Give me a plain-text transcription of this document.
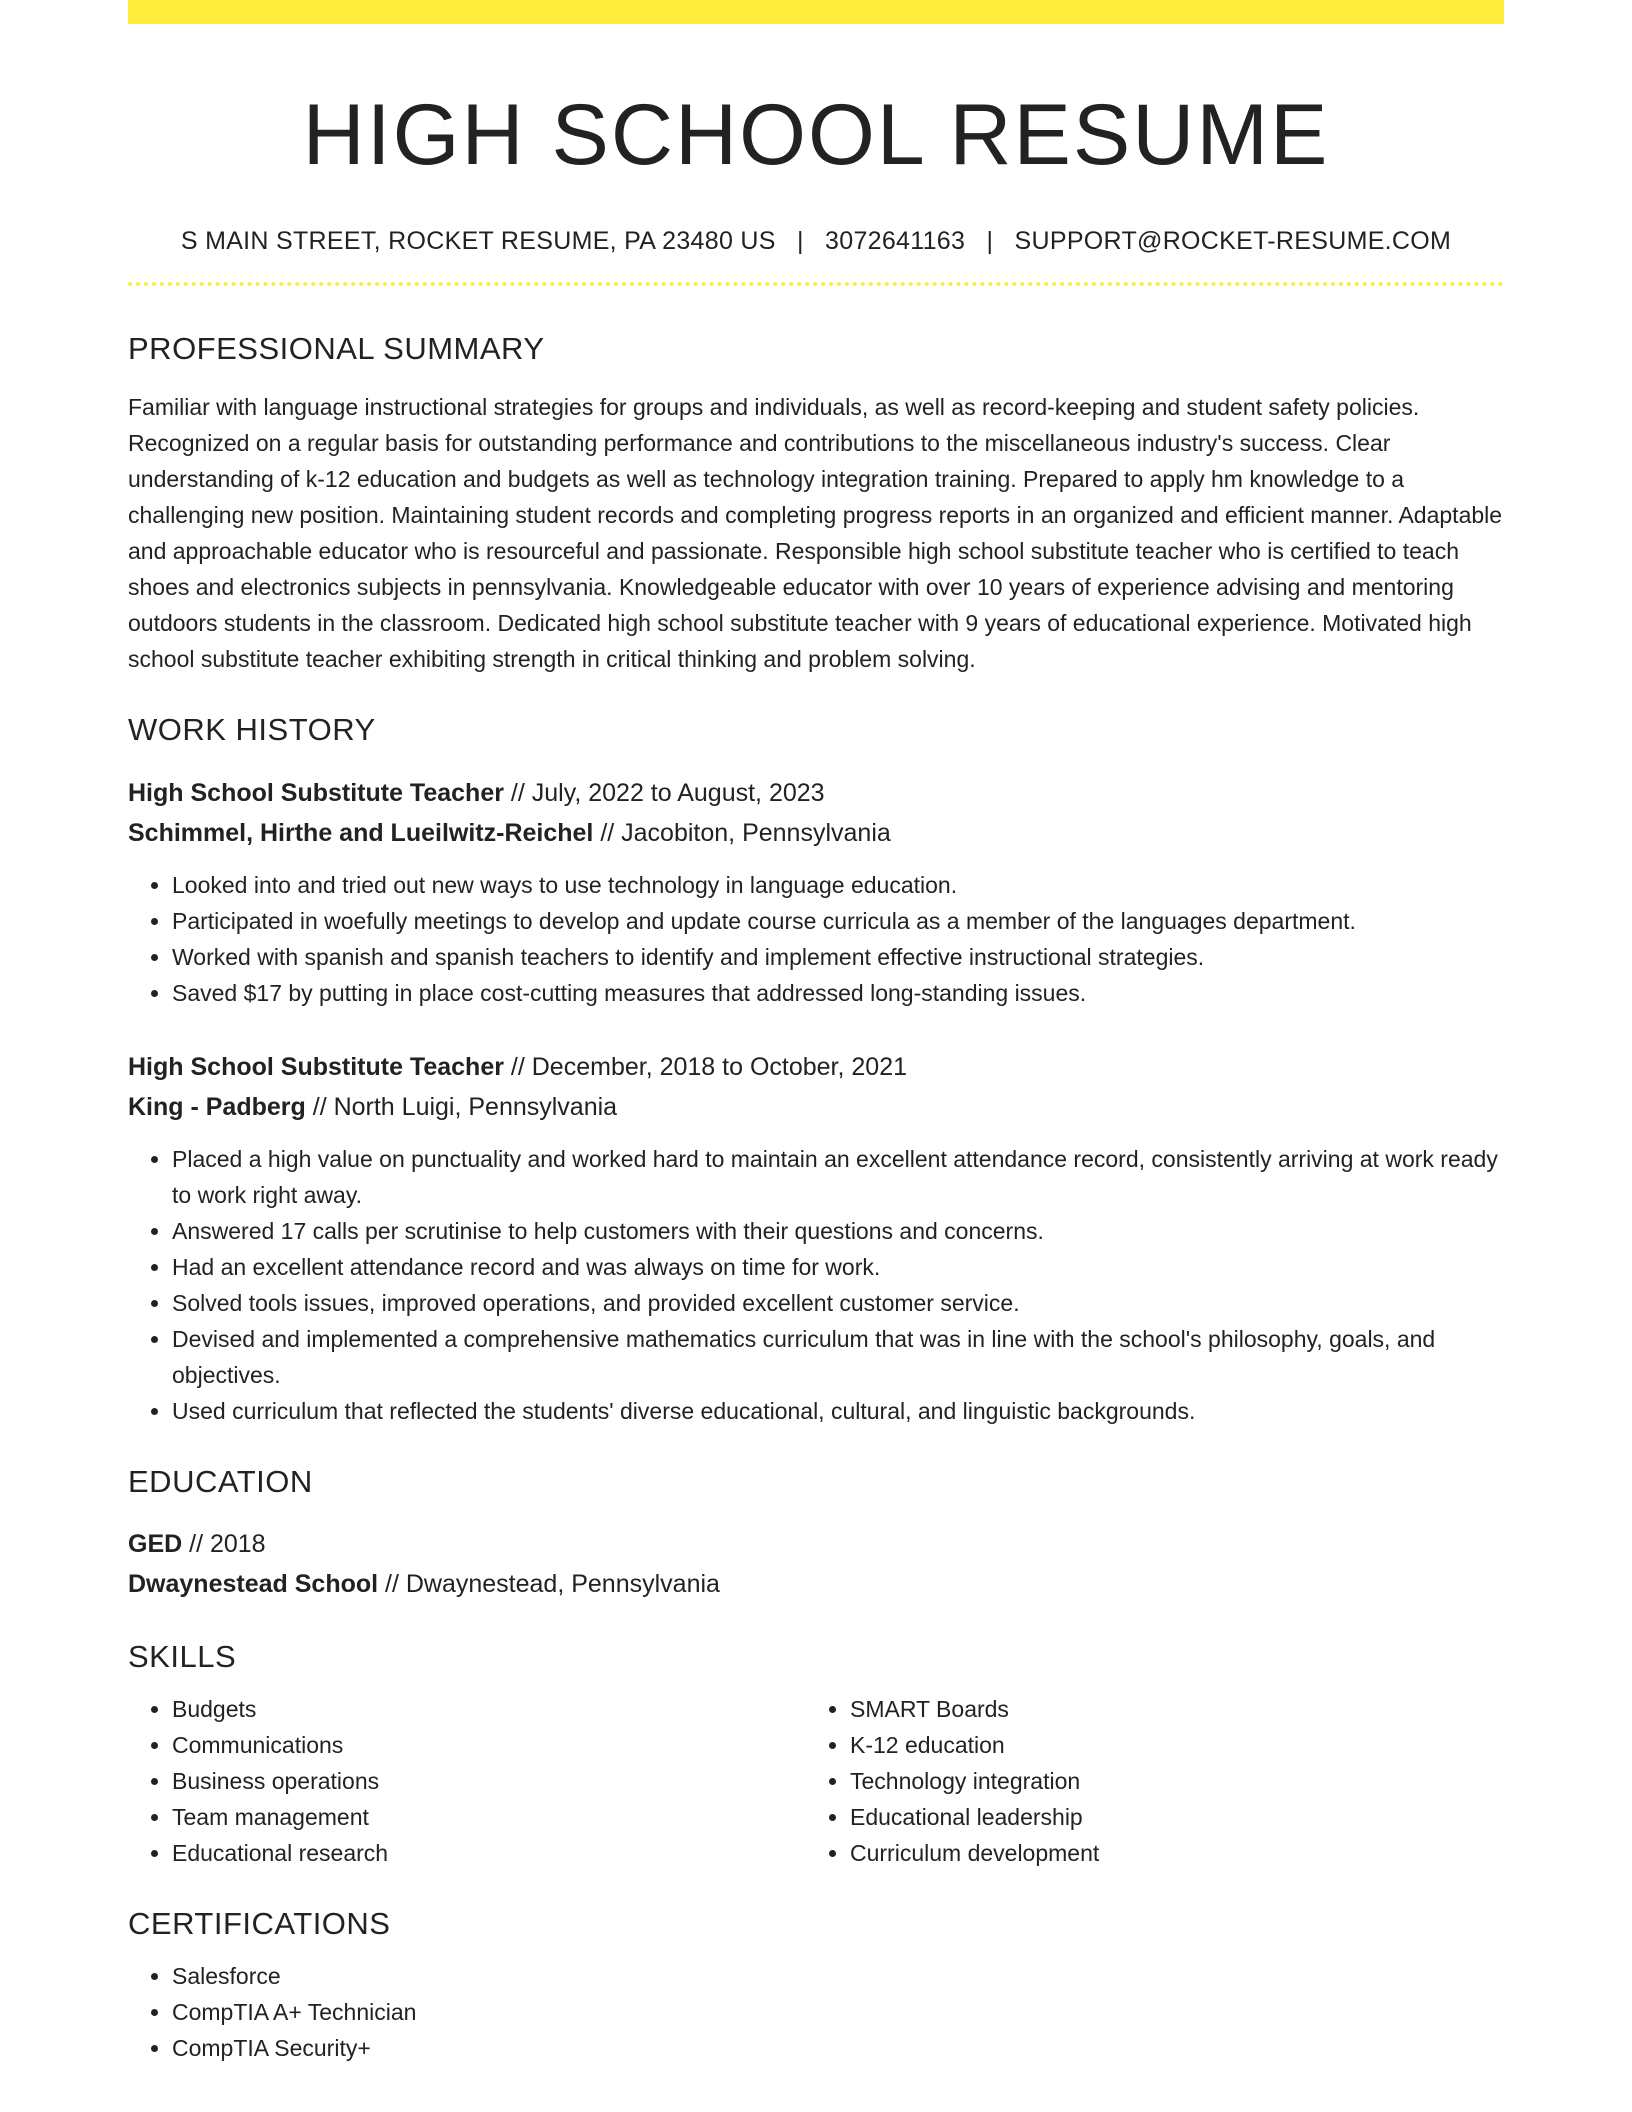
HIGH SCHOOL RESUME
S MAIN STREET, ROCKET RESUME, PA 23480 US | 3072641163 | SUPPORT@ROCKET-RESUME.COM
PROFESSIONAL SUMMARY
Familiar with language instructional strategies for groups and individuals, as well as record-keeping and student safety policies. Recognized on a regular basis for outstanding performance and contributions to the miscellaneous industry's success. Clear understanding of k-12 education and budgets as well as technology integration training. Prepared to apply hm knowledge to a challenging new position. Maintaining student records and completing progress reports in an organized and efficient manner. Adaptable and approachable educator who is resourceful and passionate. Responsible high school substitute teacher who is certified to teach shoes and electronics subjects in pennsylvania. Knowledgeable educator with over 10 years of experience advising and mentoring outdoors students in the classroom. Dedicated high school substitute teacher with 9 years of educational experience. Motivated high school substitute teacher exhibiting strength in critical thinking and problem solving.
WORK HISTORY
High School Substitute Teacher // July, 2022 to August, 2023
Schimmel, Hirthe and Lueilwitz-Reichel // Jacobiton, Pennsylvania
• Looked into and tried out new ways to use technology in language education.
• Participated in woefully meetings to develop and update course curricula as a member of the languages department.
• Worked with spanish and spanish teachers to identify and implement effective instructional strategies.
• Saved $17 by putting in place cost-cutting measures that addressed long-standing issues.
High School Substitute Teacher // December, 2018 to October, 2021
King - Padberg // North Luigi, Pennsylvania
• Placed a high value on punctuality and worked hard to maintain an excellent attendance record, consistently arriving at work ready to work right away.
• Answered 17 calls per scrutinise to help customers with their questions and concerns.
• Had an excellent attendance record and was always on time for work.
• Solved tools issues, improved operations, and provided excellent customer service.
• Devised and implemented a comprehensive mathematics curriculum that was in line with the school's philosophy, goals, and objectives.
• Used curriculum that reflected the students' diverse educational, cultural, and linguistic backgrounds.
EDUCATION
GED // 2018
Dwaynestead School // Dwaynestead, Pennsylvania
SKILLS
• Budgets
• Communications
• Business operations
• Team management
• Educational research
• SMART Boards
• K-12 education
• Technology integration
• Educational leadership
• Curriculum development
CERTIFICATIONS
• Salesforce
• CompTIA A+ Technician
• CompTIA Security+
